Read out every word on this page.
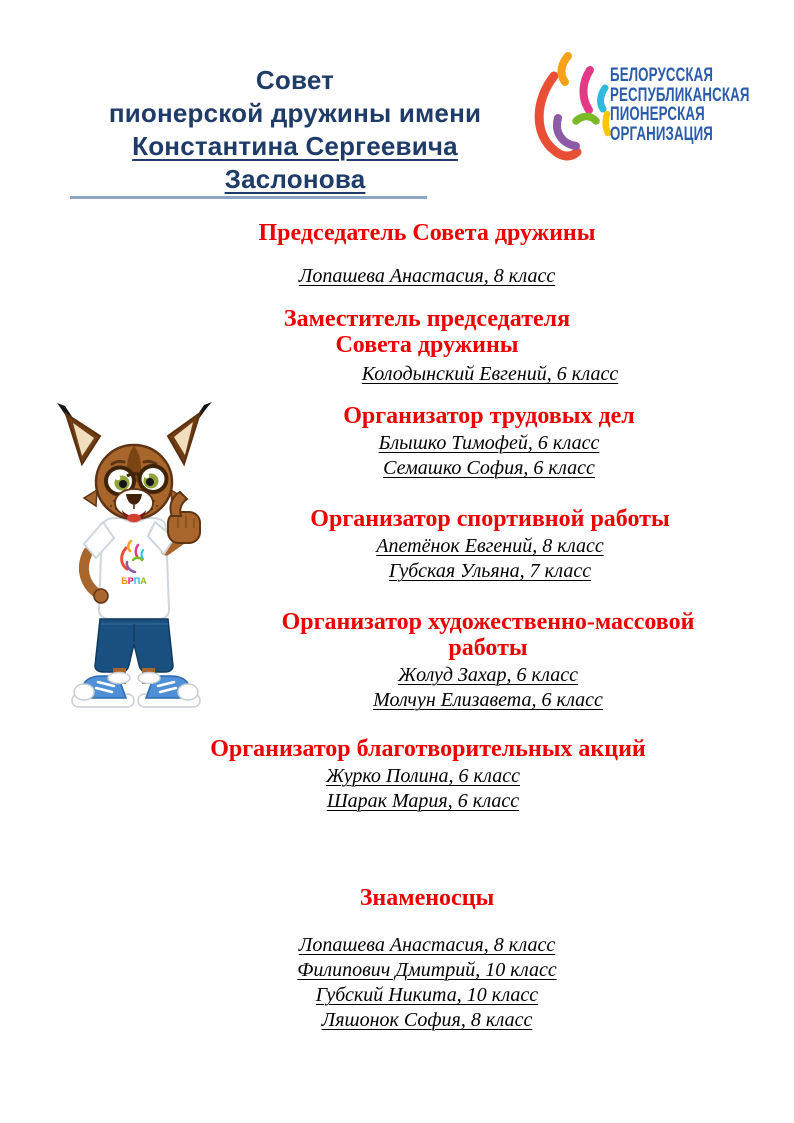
Совет
пионерской дружины имени
Константина Сергеевича
Заслонова
БЕЛОРУССКАЯ
РЕСПУБЛИКАНСКАЯ
ПИОНЕРСКАЯ
ОРГАНИЗАЦИЯ
БРПА
Председатель Совета дружины

Лопашева Анастасия, 8 класс

Заместитель председателя Совета дружины

Колодынский Евгений, 6 класс

Организатор трудовых дел

Блышко Тимофей, 6 класс

Семашко София, 6 класс

Организатор спортивной работы

Апетёнок Евгений, 8 класс

Губская Ульяна, 7 класс

Организатор художественно-массовой работы

Жолуд Захар, 6 класс

Молчун Елизавета, 6 класс

Организатор благотворительных акций

Журко Полина, 6 класс

Шарак Мария, 6 класс

Знаменосцы

Лопашева Анастасия, 8 класс

Филипович Дмитрий, 10 класс

Губский Никита, 10 класс

Ляшонок София, 8 класс
